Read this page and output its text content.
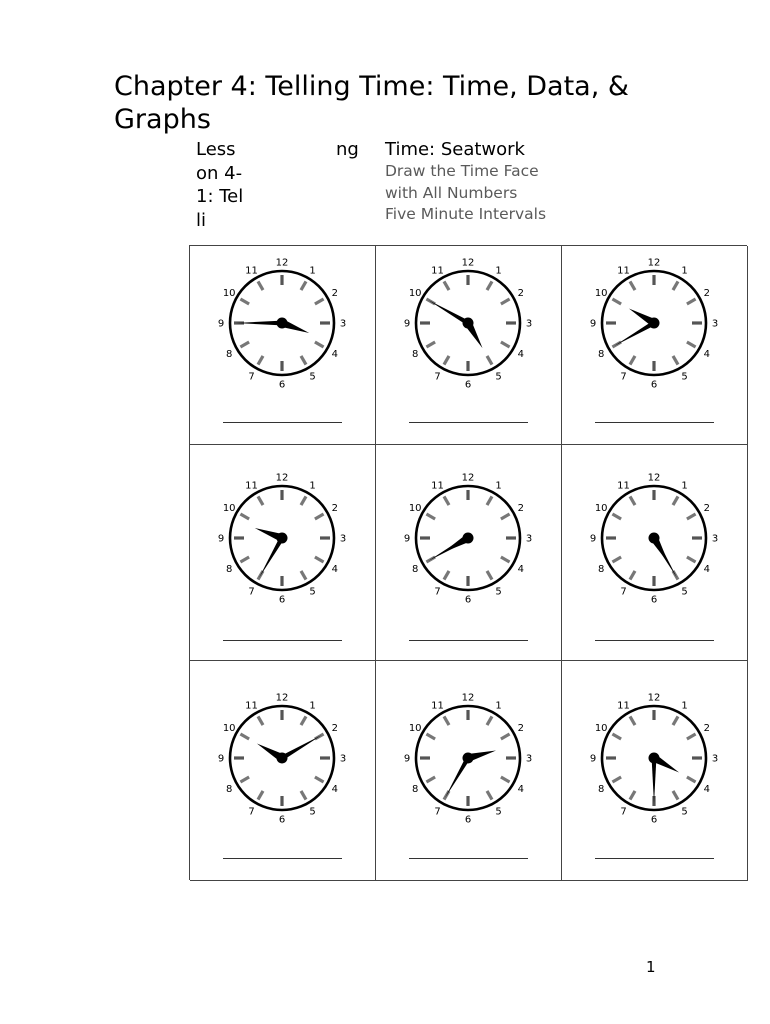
Chapter 4: Telling Time: Time, Data, & Graphs
Lesson 4-1: Telli
ng Time: Seatwork
Draw the Time Face
with All Numbers
Five Minute Intervals
12
1
2
3
4
5
6
7
8
9
10
11
12
1
2
3
4
5
6
7
8
9
10
11
12
1
2
3
4
5
6
7
8
9
10
11
12
1
2
3
4
5
6
7
8
9
10
11
12
1
2
3
4
5
6
7
8
9
10
11
12
1
2
3
4
5
6
7
8
9
10
11
12
1
2
3
4
5
6
7
8
9
10
11
12
1
2
3
4
5
6
7
8
9
10
11
12
1
2
3
4
5
6
7
8
9
10
11
1
